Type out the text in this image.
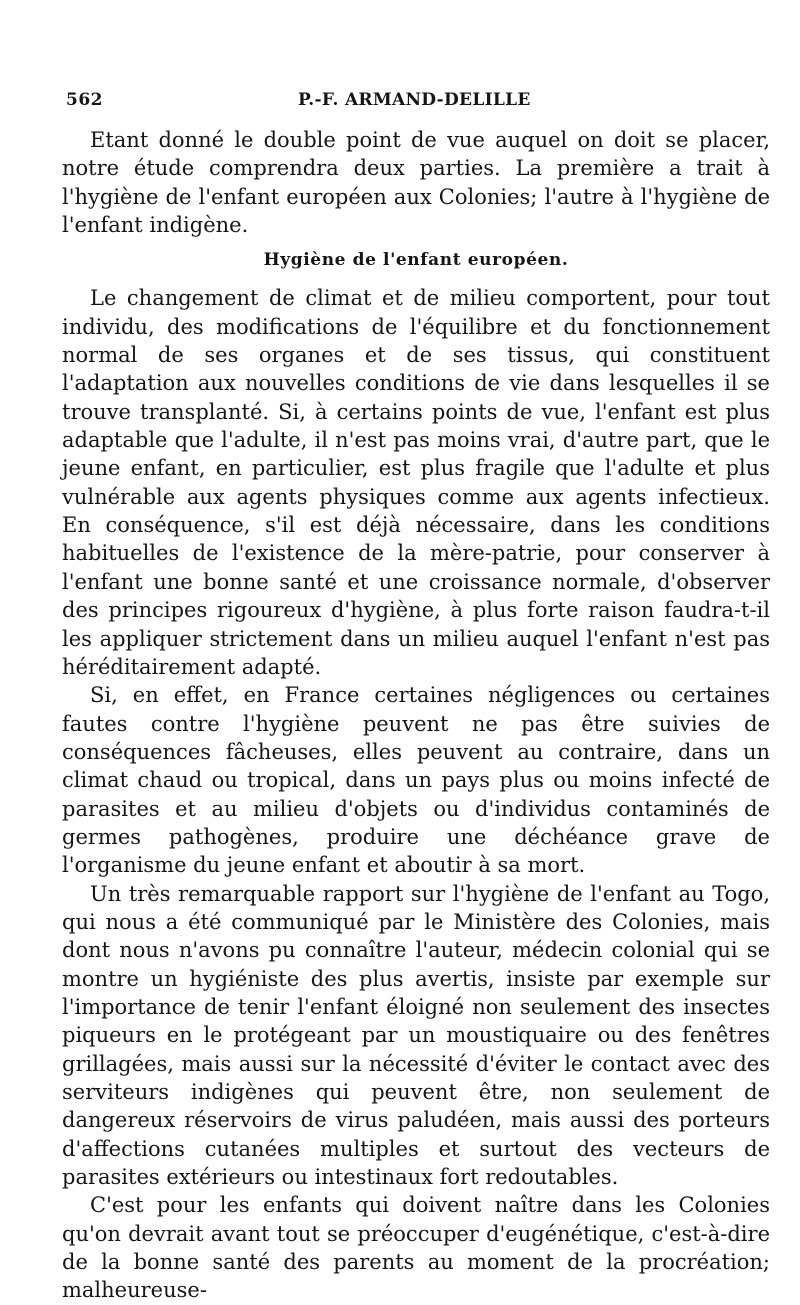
562	P.-F. ARMAND-DELILLE

Etant donné le double point de vue auquel on doit se placer, notre étude comprendra deux parties. La première a trait à l'hygiène de l'enfant européen aux Colonies; l'autre à l'hygiène de l'enfant indigène.

Hygiène de l'enfant européen.

Le changement de climat et de milieu comportent, pour tout individu, des modifications de l'équilibre et du fonctionnement normal de ses organes et de ses tissus, qui constituent l'adaptation aux nouvelles conditions de vie dans lesquelles il se trouve transplanté. Si, à certains points de vue, l'enfant est plus adaptable que l'adulte, il n'est pas moins vrai, d'autre part, que le jeune enfant, en particulier, est plus fragile que l'adulte et plus vulnérable aux agents physiques comme aux agents infectieux. En conséquence, s'il est déjà nécessaire, dans les conditions habituelles de l'existence de la mère-patrie, pour conserver à l'enfant une bonne santé et une croissance normale, d'observer des principes rigoureux d'hygiène, à plus forte raison faudra-t-il les appliquer strictement dans un milieu auquel l'enfant n'est pas héréditairement adapté.

Si, en effet, en France certaines négligences ou certaines fautes contre l'hygiène peuvent ne pas être suivies de conséquences fâcheuses, elles peuvent au contraire, dans un climat chaud ou tropical, dans un pays plus ou moins infecté de parasites et au milieu d'objets ou d'individus contaminés de germes pathogènes, produire une déchéance grave de l'organisme du jeune enfant et aboutir à sa mort.

Un très remarquable rapport sur l'hygiène de l'enfant au Togo, qui nous a été communiqué par le Ministère des Colonies, mais dont nous n'avons pu connaître l'auteur, médecin colonial qui se montre un hygiéniste des plus avertis, insiste par exemple sur l'importance de tenir l'enfant éloigné non seulement des insectes piqueurs en le protégeant par un moustiquaire ou des fenêtres grillagées, mais aussi sur la nécessité d'éviter le contact avec des serviteurs indigènes qui peuvent être, non seulement de dangereux réservoirs de virus paludéen, mais aussi des porteurs d'affections cutanées multiples et surtout des vecteurs de parasites extérieurs ou intestinaux fort redoutables.

C'est pour les enfants qui doivent naître dans les Colonies qu'on devrait avant tout se préoccuper d'eugénétique, c'est-à-dire de la bonne santé des parents au moment de la procréation; malheureuse-
